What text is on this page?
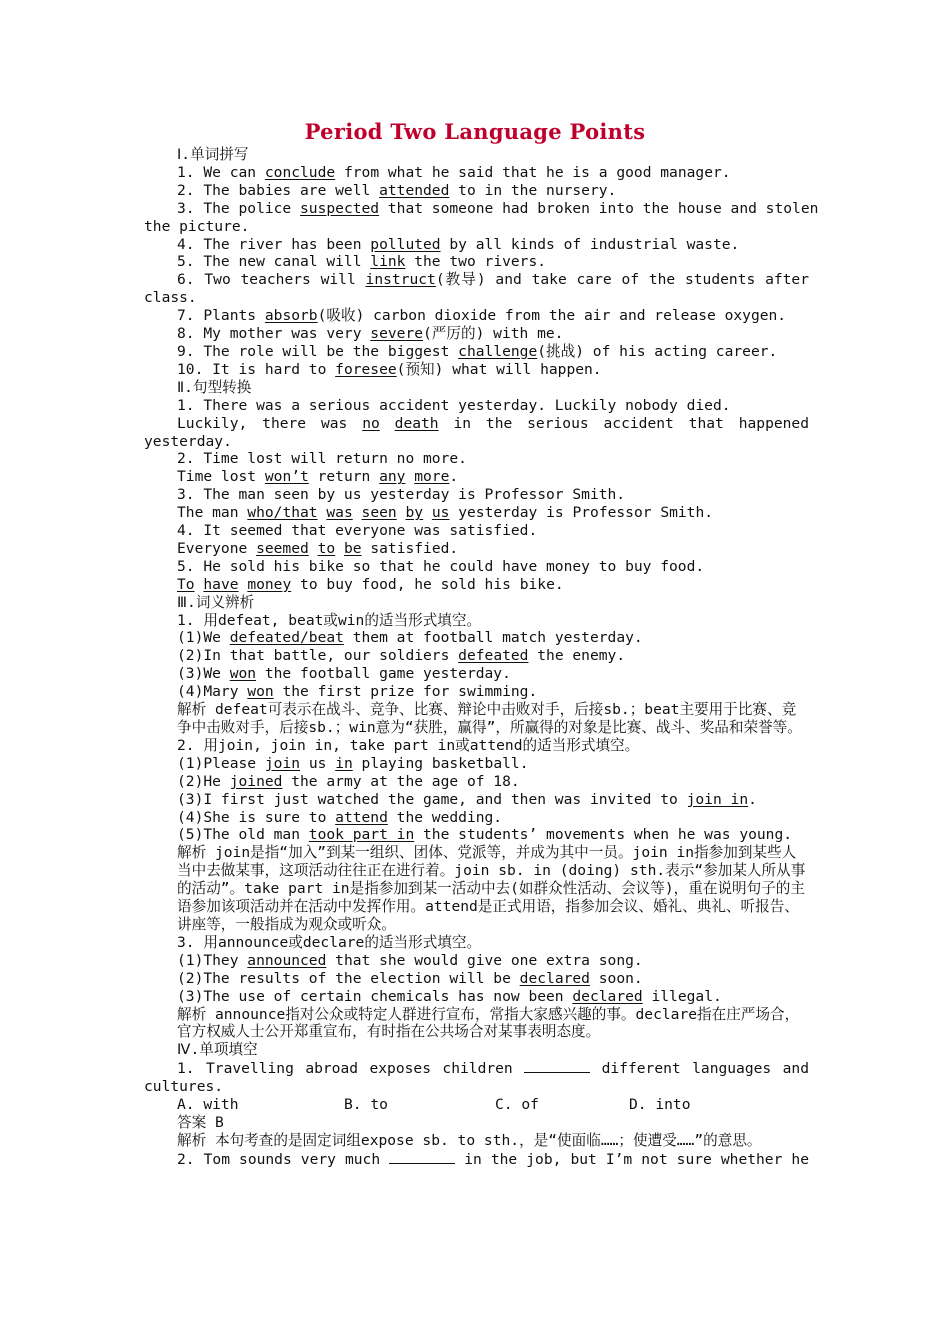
Period Two Language Points

Ⅰ.单词拼写

1. We can conclude from what he said that he is a good manager.

2. The babies are well attended to in the nursery.

3. The police suspected that someone had broken into the house and stolen

the picture.

4. The river has been polluted by all kinds of industrial waste.

5. The new canal will link the two rivers.

6. Two teachers will instruct(教导) and take care of the students after

class.

7. Plants absorb(吸收) carbon dioxide from the air and release oxygen.

8. My mother was very severe(严厉的) with me.

9. The role will be the biggest challenge(挑战) of his acting career.

10. It is hard to foresee(预知) what will happen.

Ⅱ.句型转换

1. There was a serious accident yesterday. Luckily nobody died.

Luckily, there was no death in the serious accident that happened

yesterday.

2. Time lost will return no more.

Time lost won’t return any more.

3. The man seen by us yesterday is Professor Smith.

The man who/that was seen by us yesterday is Professor Smith.

4. It seemed that everyone was satisfied.

Everyone seemed to be satisfied.

5. He sold his bike so that he could have money to buy food.

To have money to buy food, he sold his bike.

Ⅲ.词义辨析

1. 用defeat, beat或win的适当形式填空。

(1)We defeated/beat them at football match yesterday.

(2)In that battle, our soldiers defeated the enemy.

(3)We won the football game yesterday.

(4)Mary won the first prize for swimming.

解析 defeat可表示在战斗、竞争、比赛、辩论中击败对手，后接sb.；beat主要用于比赛、竞争中击败对手，后接sb.；win意为“获胜，赢得”，所赢得的对象是比赛、战斗、奖品和荣誉等。

2. 用join, join in, take part in或attend的适当形式填空。

(1)Please join us in playing basketball.

(2)He joined the army at the age of 18.

(3)I first just watched the game, and then was invited to join in.

(4)She is sure to attend the wedding.

(5)The old man took part in the students’ movements when he was young.

解析 join是指“加入”到某一组织、团体、党派等，并成为其中一员。join in指参加到某些人当中去做某事，这项活动往往正在进行着。join sb. in (doing) sth.表示“参加某人所从事的活动”。take part in是指参加到某一活动中去(如群众性活动、会议等)，重在说明句子的主语参加该项活动并在活动中发挥作用。attend是正式用语，指参加会议、婚礼、典礼、听报告、讲座等，一般指成为观众或听众。

3. 用announce或declare的适当形式填空。

(1)They announced that she would give one extra song.

(2)The results of the election will be declared soon.

(3)The use of certain chemicals has now been declared illegal.

解析 announce指对公众或特定人群进行宣布，常指大家感兴趣的事。declare指在庄严场合，官方权威人士公开郑重宣布，有时指在公共场合对某事表明态度。

Ⅳ.单项填空

1. Travelling abroad exposes children	different languages and

cultures.

A. with	B. to	C. of	D. into

答案 B

解析 本句考查的是固定词组expose sb. to sth.，是“使面临……；使遭受……”的意思。

2. Tom sounds very much	in the job, but I’m not sure whether he
